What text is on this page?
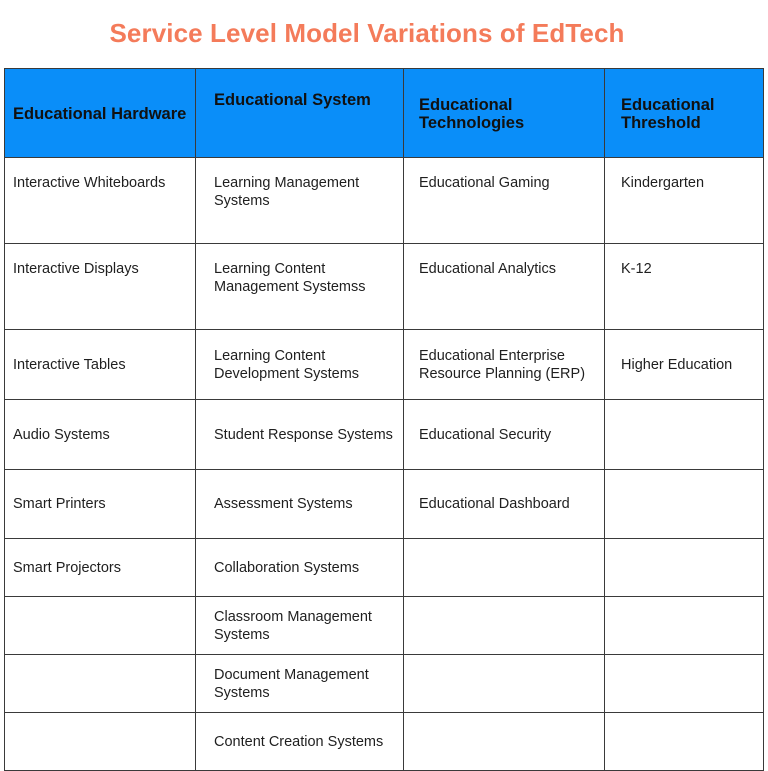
Service Level Model Variations of EdTech
Educational Hardware	Educational System	Educational Technologies	Educational Threshold
Interactive Whiteboards	Learning Management Systems	Educational Gaming	Kindergarten
Interactive Displays	Learning Content Management Systemss	Educational Analytics	K-12
Interactive Tables	Learning Content Development Systems	Educational Enterprise Resource Planning (ERP)	Higher Education
Audio Systems	Student Response Systems	Educational Security	
Smart Printers	Assessment Systems	Educational Dashboard	
Smart Projectors	Collaboration Systems		
	Classroom Management Systems		
	Document Management Systems		
	Content Creation Systems		
